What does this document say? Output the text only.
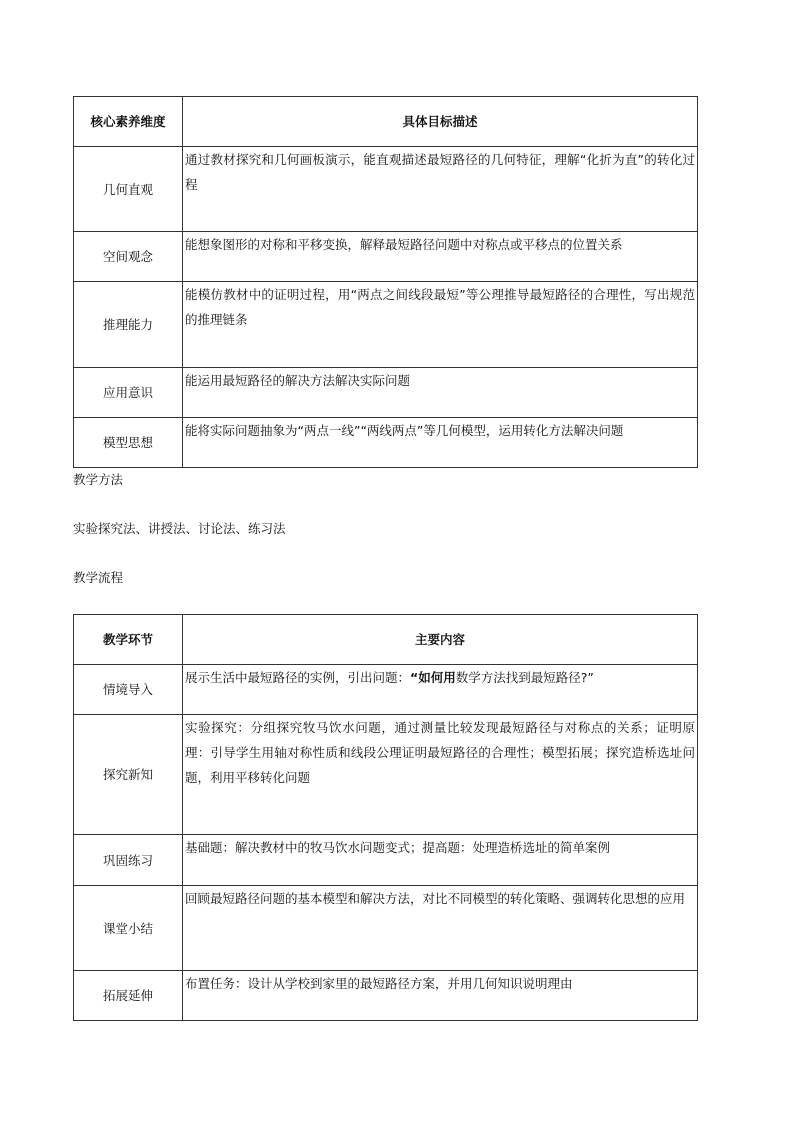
核心素养维度	具体目标描述
几何直观	通过教材探究和几何画板演示，能直观描述最短路径的几何特征，理解“化折为直”的转化过程
空间观念	能想象图形的对称和平移变换，解释最短路径问题中对称点或平移点的位置关系
推理能力	能模仿教材中的证明过程，用“两点之间线段最短”等公理推导最短路径的合理性，写出规范的推理链条
应用意识	能运用最短路径的解决方法解决实际问题
模型思想	能将实际问题抽象为“两点一线”“两线两点”等几何模型，运用转化方法解决问题

教学方法

实验探究法、讲授法、讨论法、练习法

教学流程

教学环节	主要内容
情境导入	展示生活中最短路径的实例，引出问题：“如何用数学方法找到最短路径?”
探究新知	实验探究：分组探究牧马饮水问题，通过测量比较发现最短路径与对称点的关系；证明原理：引导学生用轴对称性质和线段公理证明最短路径的合理性；模型拓展；探究造桥选址问题，利用平移转化问题
巩固练习	基础题：解决教材中的牧马饮水问题变式；提高题：处理造桥选址的简单案例
课堂小结	回顾最短路径问题的基本模型和解决方法，对比不同模型的转化策略、强调转化思想的应用
拓展延伸	布置任务：设计从学校到家里的最短路径方案，并用几何知识说明理由
